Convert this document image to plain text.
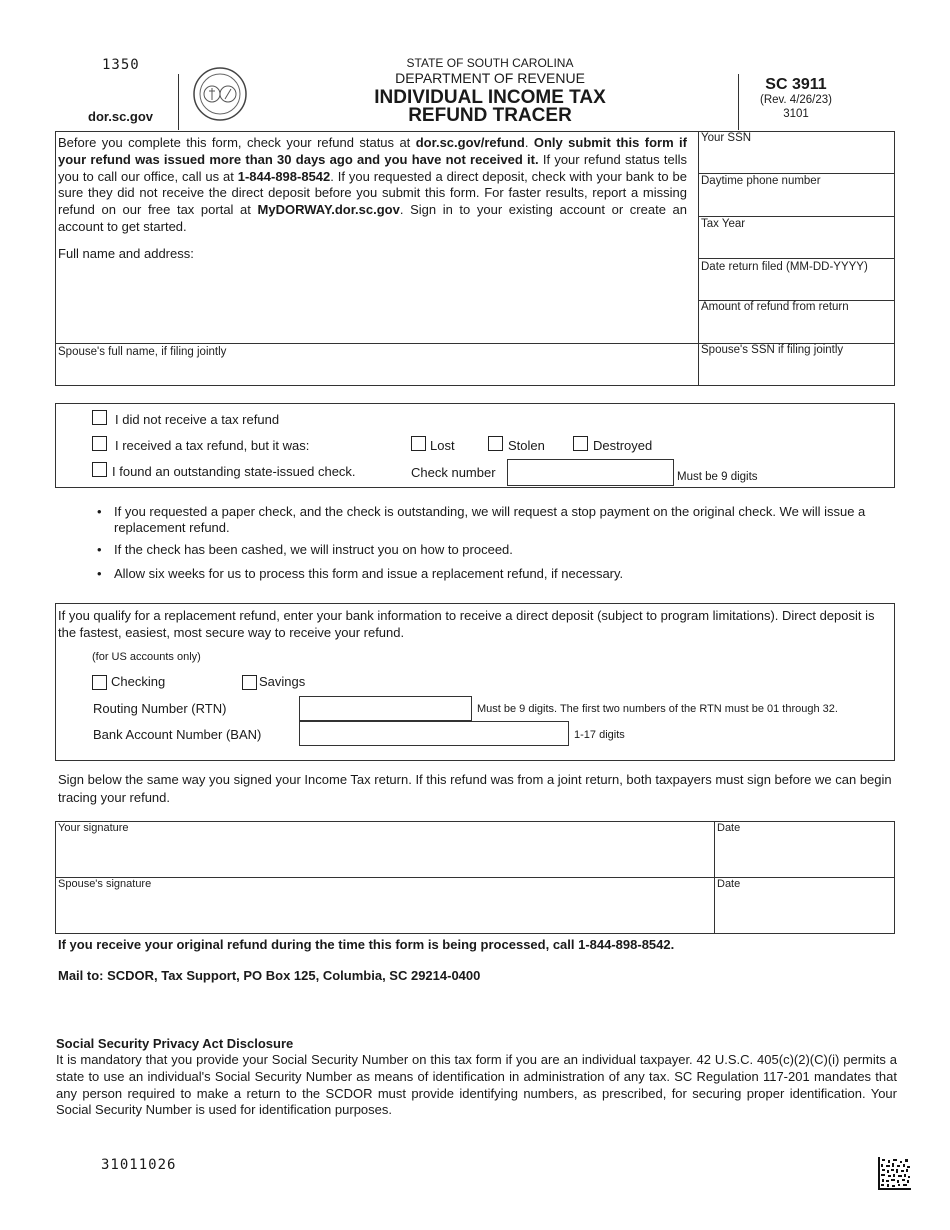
1350
dor.sc.gov
STATE OF SOUTH CAROLINA
DEPARTMENT OF REVENUE
INDIVIDUAL INCOME TAX
REFUND TRACER
SC 3911
(Rev. 4/26/23)
3101
Before you complete this form, check your refund status at dor.sc.gov/refund. Only submit this form if your refund was issued more than 30 days ago and you have not received it. If your refund status tells you to call our office, call us at 1-844-898-8542. If you requested a direct deposit, check with your bank to be sure they did not receive the direct deposit before you submit this form. For faster results, report a missing refund on our free tax portal at MyDORWAY.dor.sc.gov. Sign in to your existing account or create an account to get started.
Full name and address:
Spouse's full name, if filing jointly
Your SSN
Daytime phone number
Tax Year
Date return filed (MM-DD-YYYY)
Amount of refund from return
Spouse's SSN if filing jointly
I did not receive a tax refund
I received a tax refund, but it was:	Lost	Stolen	Destroyed
I found an outstanding state-issued check.	Check number	Must be 9 digits
• If you requested a paper check, and the check is outstanding, we will request a stop payment on the original check. We will issue a replacement refund.
• If the check has been cashed, we will instruct you on how to proceed.
• Allow six weeks for us to process this form and issue a replacement refund, if necessary.
If you qualify for a replacement refund, enter your bank information to receive a direct deposit (subject to program limitations). Direct deposit is the fastest, easiest, most secure way to receive your refund.
(for US accounts only)
Checking	Savings
Routing Number (RTN)	Must be 9 digits. The first two numbers of the RTN must be 01 through 32.
Bank Account Number (BAN)	1-17 digits
Sign below the same way you signed your Income Tax return. If this refund was from a joint return, both taxpayers must sign before we can begin tracing your refund.
Your signature	Date
Spouse's signature	Date
If you receive your original refund during the time this form is being processed, call 1-844-898-8542.
Mail to: SCDOR, Tax Support, PO Box 125, Columbia, SC 29214-0400
Social Security Privacy Act Disclosure
It is mandatory that you provide your Social Security Number on this tax form if you are an individual taxpayer. 42 U.S.C. 405(c)(2)(C)(i) permits a state to use an individual's Social Security Number as means of identification in administration of any tax. SC Regulation 117-201 mandates that any person required to make a return to the SCDOR must provide identifying numbers, as prescribed, for securing proper identification. Your Social Security Number is used for identification purposes.
31011026
